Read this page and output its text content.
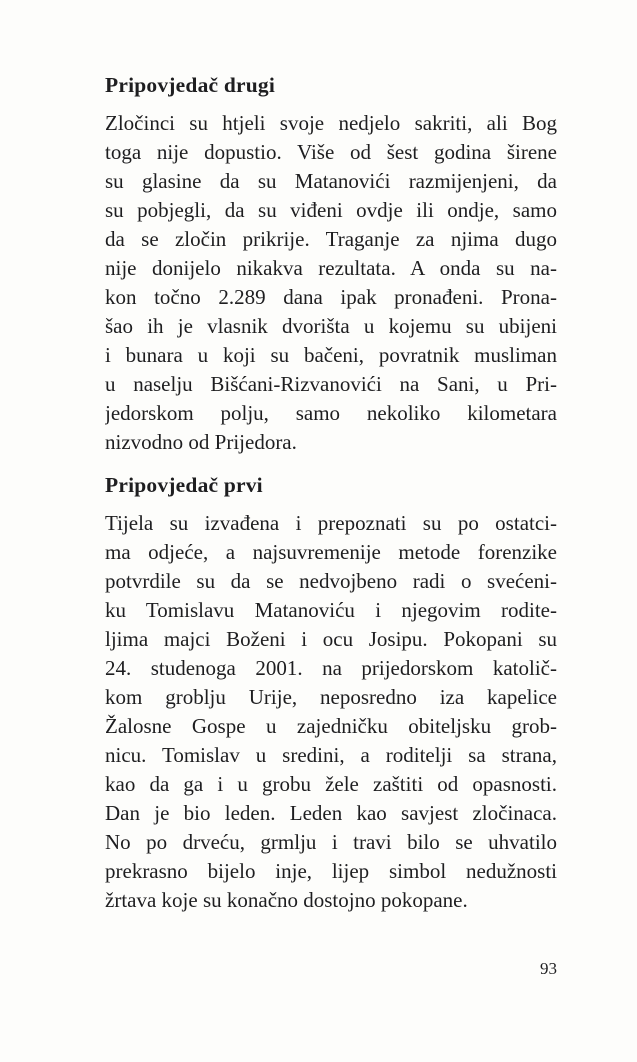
Pripovjedač drugi
Zločinci su htjeli svoje nedjelo sakriti, ali Bog
toga nije dopustio. Više od šest godina širene
su glasine da su Matanovići razmijenjeni, da
su pobjegli, da su viđeni ovdje ili ondje, samo
da se zločin prikrije. Traganje za njima dugo
nije donijelo nikakva rezultata. A onda su na-
kon točno 2.289 dana ipak pronađeni. Prona-
šao ih je vlasnik dvorišta u kojemu su ubijeni
i bunara u koji su bačeni, povratnik musliman
u naselju Bišćani-Rizvanovići na Sani, u Pri-
jedorskom polju, samo nekoliko kilometara
nizvodno od Prijedora.
Pripovjedač prvi
Tijela su izvađena i prepoznati su po ostatci-
ma odjeće, a najsuvremenije metode forenzike
potvrdile su da se nedvojbeno radi o svećeni-
ku Tomislavu Matanoviću i njegovim rodite-
ljima majci Boženi i ocu Josipu. Pokopani su
24. studenoga 2001. na prijedorskom katolič-
kom groblju Urije, neposredno iza kapelice
Žalosne Gospe u zajedničku obiteljsku grob-
nicu. Tomislav u sredini, a roditelji sa strana,
kao da ga i u grobu žele zaštiti od opasnosti.
Dan je bio leden. Leden kao savjest zločinaca.
No po drveću, grmlju i travi bilo se uhvatilo
prekrasno bijelo inje, lijep simbol nedužnosti
žrtava koje su konačno dostojno pokopane.
93
